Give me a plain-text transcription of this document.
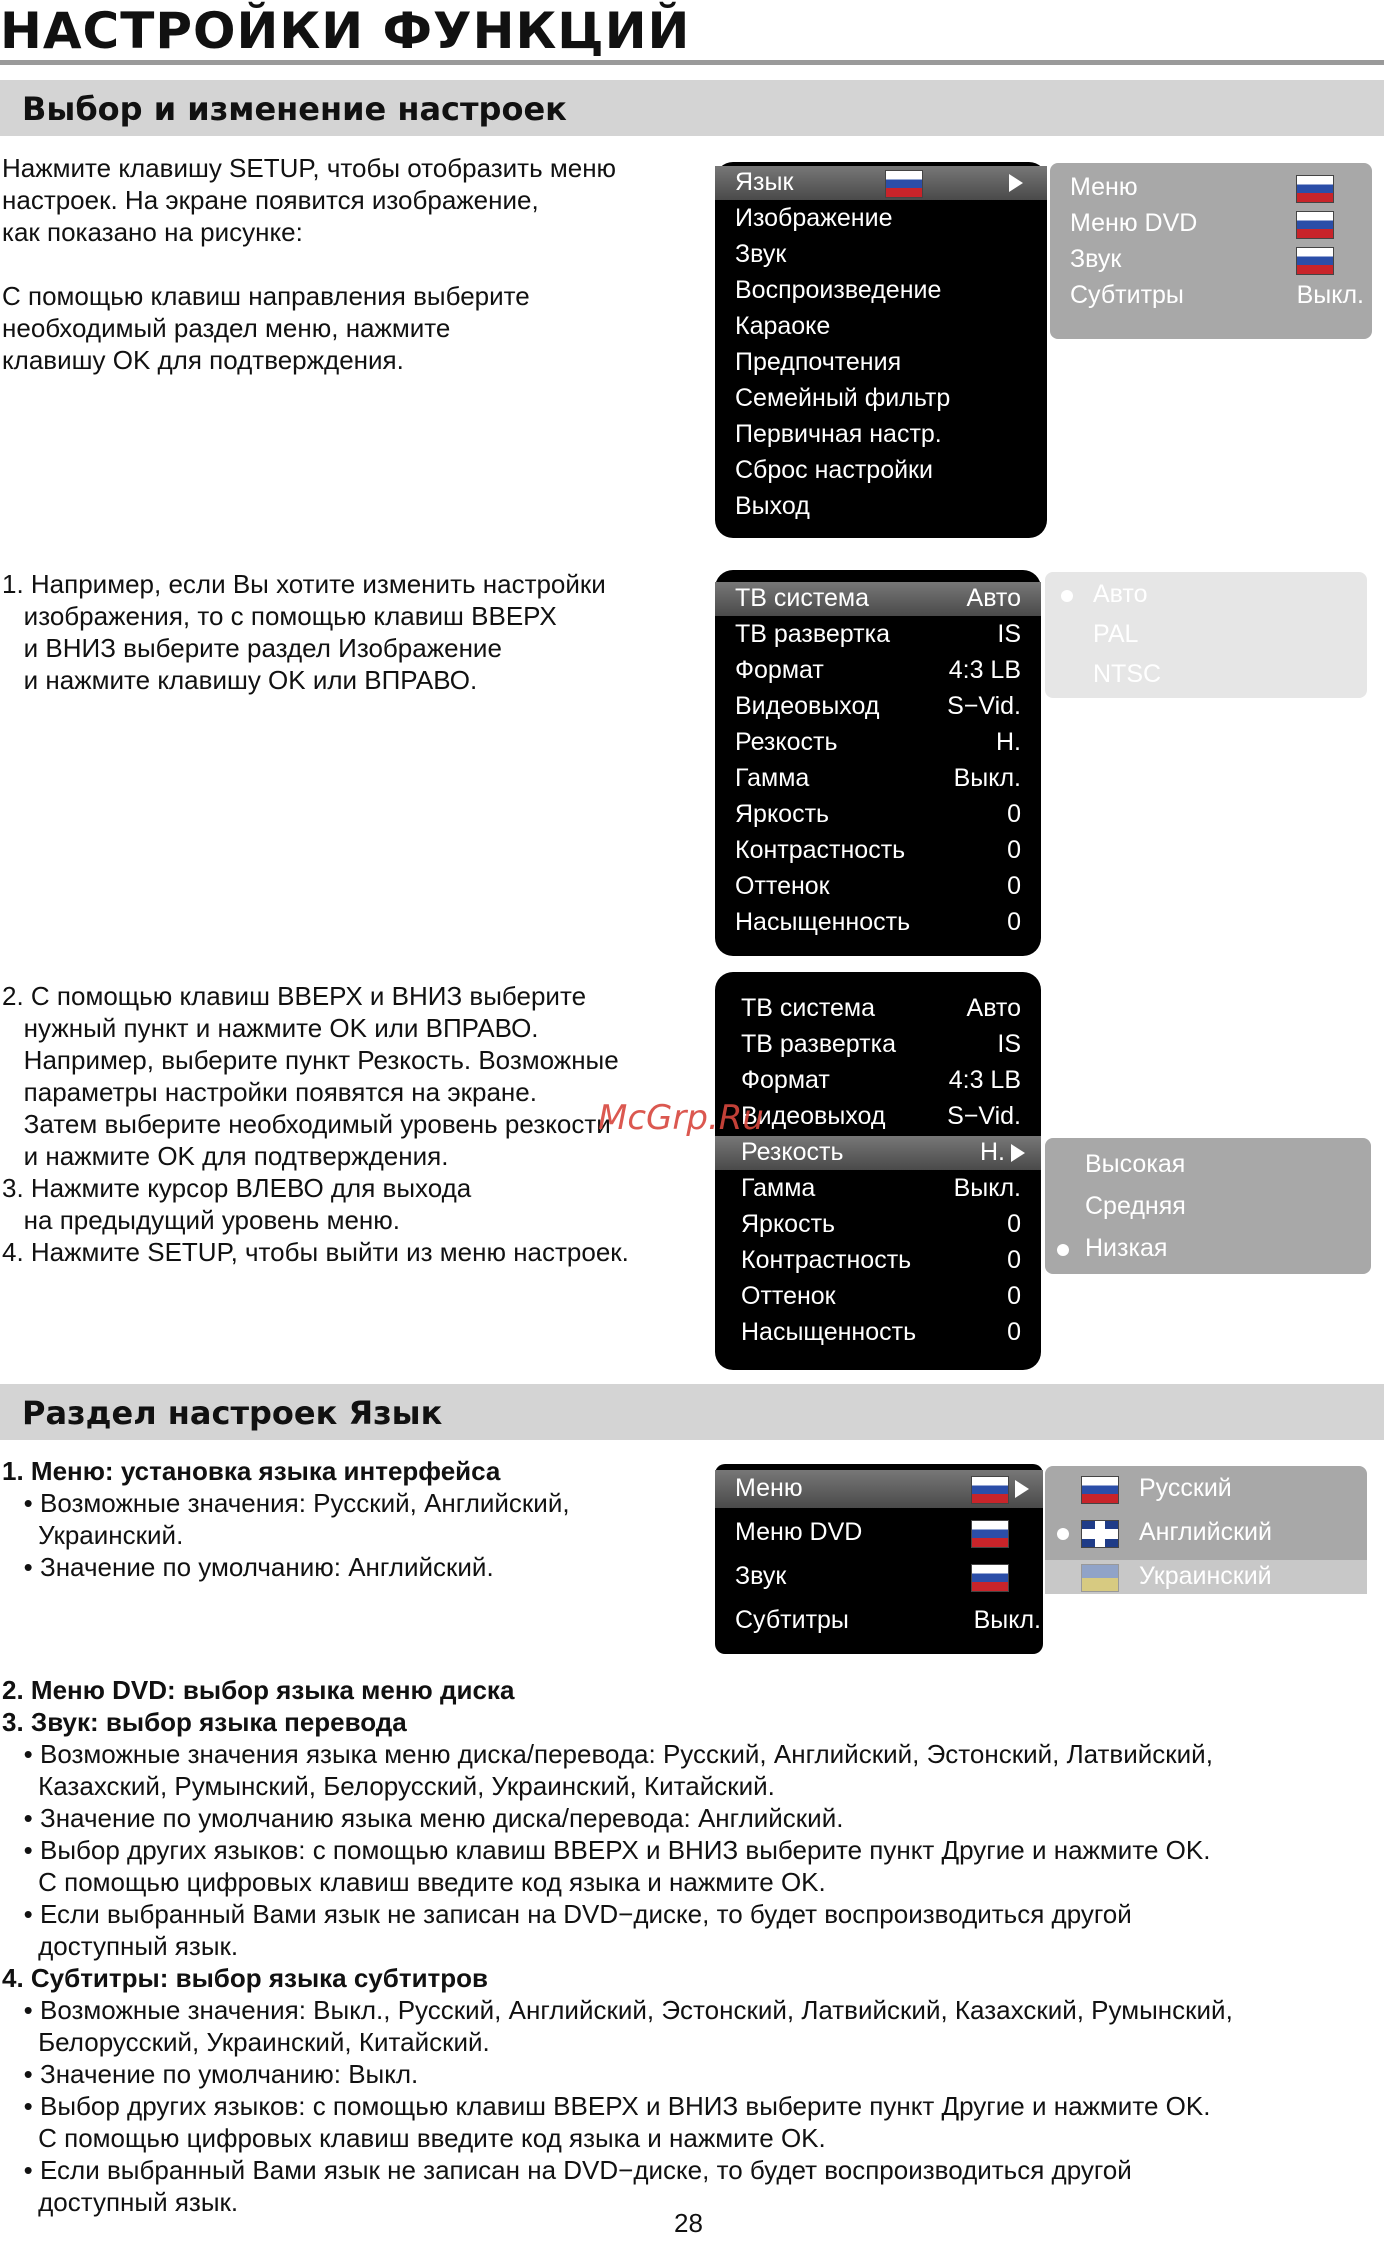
НАСТРОЙКИ ФУНКЦИЙ
Выбор и изменение настроек
Нажмите клавишу SETUP, чтобы отобразить меню
настроек. На экране появится изображение,
как показано на рисунке:
С помощью клавиш направления выберите
необходимый раздел меню, нажмите
клавишу OK для подтверждения.
Язык
Изображение
Звук
Воспроизведение
Караоке
Предпочтения
Семейный фильтр
Первичная настр.
Сброс настройки
Выход
Меню
Меню DVD
Звук
Субтитры	Выкл.
1. Например, если Вы хотите изменить настройки
изображения, то с помощью клавиш ВВЕРХ
и ВНИЗ выберите раздел Изображение
и нажмите клавишу OK или ВПРАВО.
ТВ система	Авто
ТВ развертка	IS
Формат	4:3 LB
Видеовыход	S−Vid.
Резкость	H.
Гамма	Выкл.
Яркость	0
Контрастность	0
Оттенок	0
Насыщенность	0
Авто
PAL
NTSC
2. С помощью клавиш ВВЕРХ и ВНИЗ выберите
нужный пункт и нажмите OK или ВПРАВО.
Например, выберите пункт Резкость. Возможные
параметры настройки появятся на экране.
Затем выберите необходимый уровень резкости
и нажмите OK для подтверждения.
3. Нажмите курсор ВЛЕВО для выхода
на предыдущий уровень меню.
4. Нажмите SETUP, чтобы выйти из меню настроек.
ТВ система	Авто
ТВ развертка	IS
Формат	4:3 LB
Видеовыход S−Vid.
Резкость	H.
Гамма	Выкл.
Яркость	0
Контрастность	0
Оттенок	0
Насыщенность	0
Высокая
Средняя
Низкая
McGrp.Ru
Раздел настроек Язык
1. Меню: установка языка интерфейса
• Возможные значения: Русский, Английский,
Украинский.
• Значение по умолчанию: Английский.
Меню
Меню DVD
Звук
Субтитры	Выкл.
Русский
Английский
Украинский
2. Меню DVD: выбор языка меню диска
3. Звук: выбор языка перевода
• Возможные значения языка меню диска/перевода: Русский, Английский, Эстонский, Латвийский,
Казахский, Румынский, Белорусский, Украинский, Китайский.
• Значение по умолчанию языка меню диска/перевода: Английский.
• Выбор других языков: с помощью клавиш ВВЕРХ и ВНИЗ выберите пункт Другие и нажмите OK.
С помощью цифровых клавиш введите код языка и нажмите OK.
• Если выбранный Вами язык не записан на DVD−диске, то будет воспроизводиться другой
доступный язык.
4. Субтитры: выбор языка субтитров
• Возможные значения: Выкл., Русский, Английский, Эстонский, Латвийский, Казахский, Румынский,
Белорусский, Украинский, Китайский.
• Значение по умолчанию: Выкл.
• Выбор других языков: с помощью клавиш ВВЕРХ и ВНИЗ выберите пункт Другие и нажмите OK.
С помощью цифровых клавиш введите код языка и нажмите OK.
• Если выбранный Вами язык не записан на DVD−диске, то будет воспроизводиться другой
доступный язык.
28
